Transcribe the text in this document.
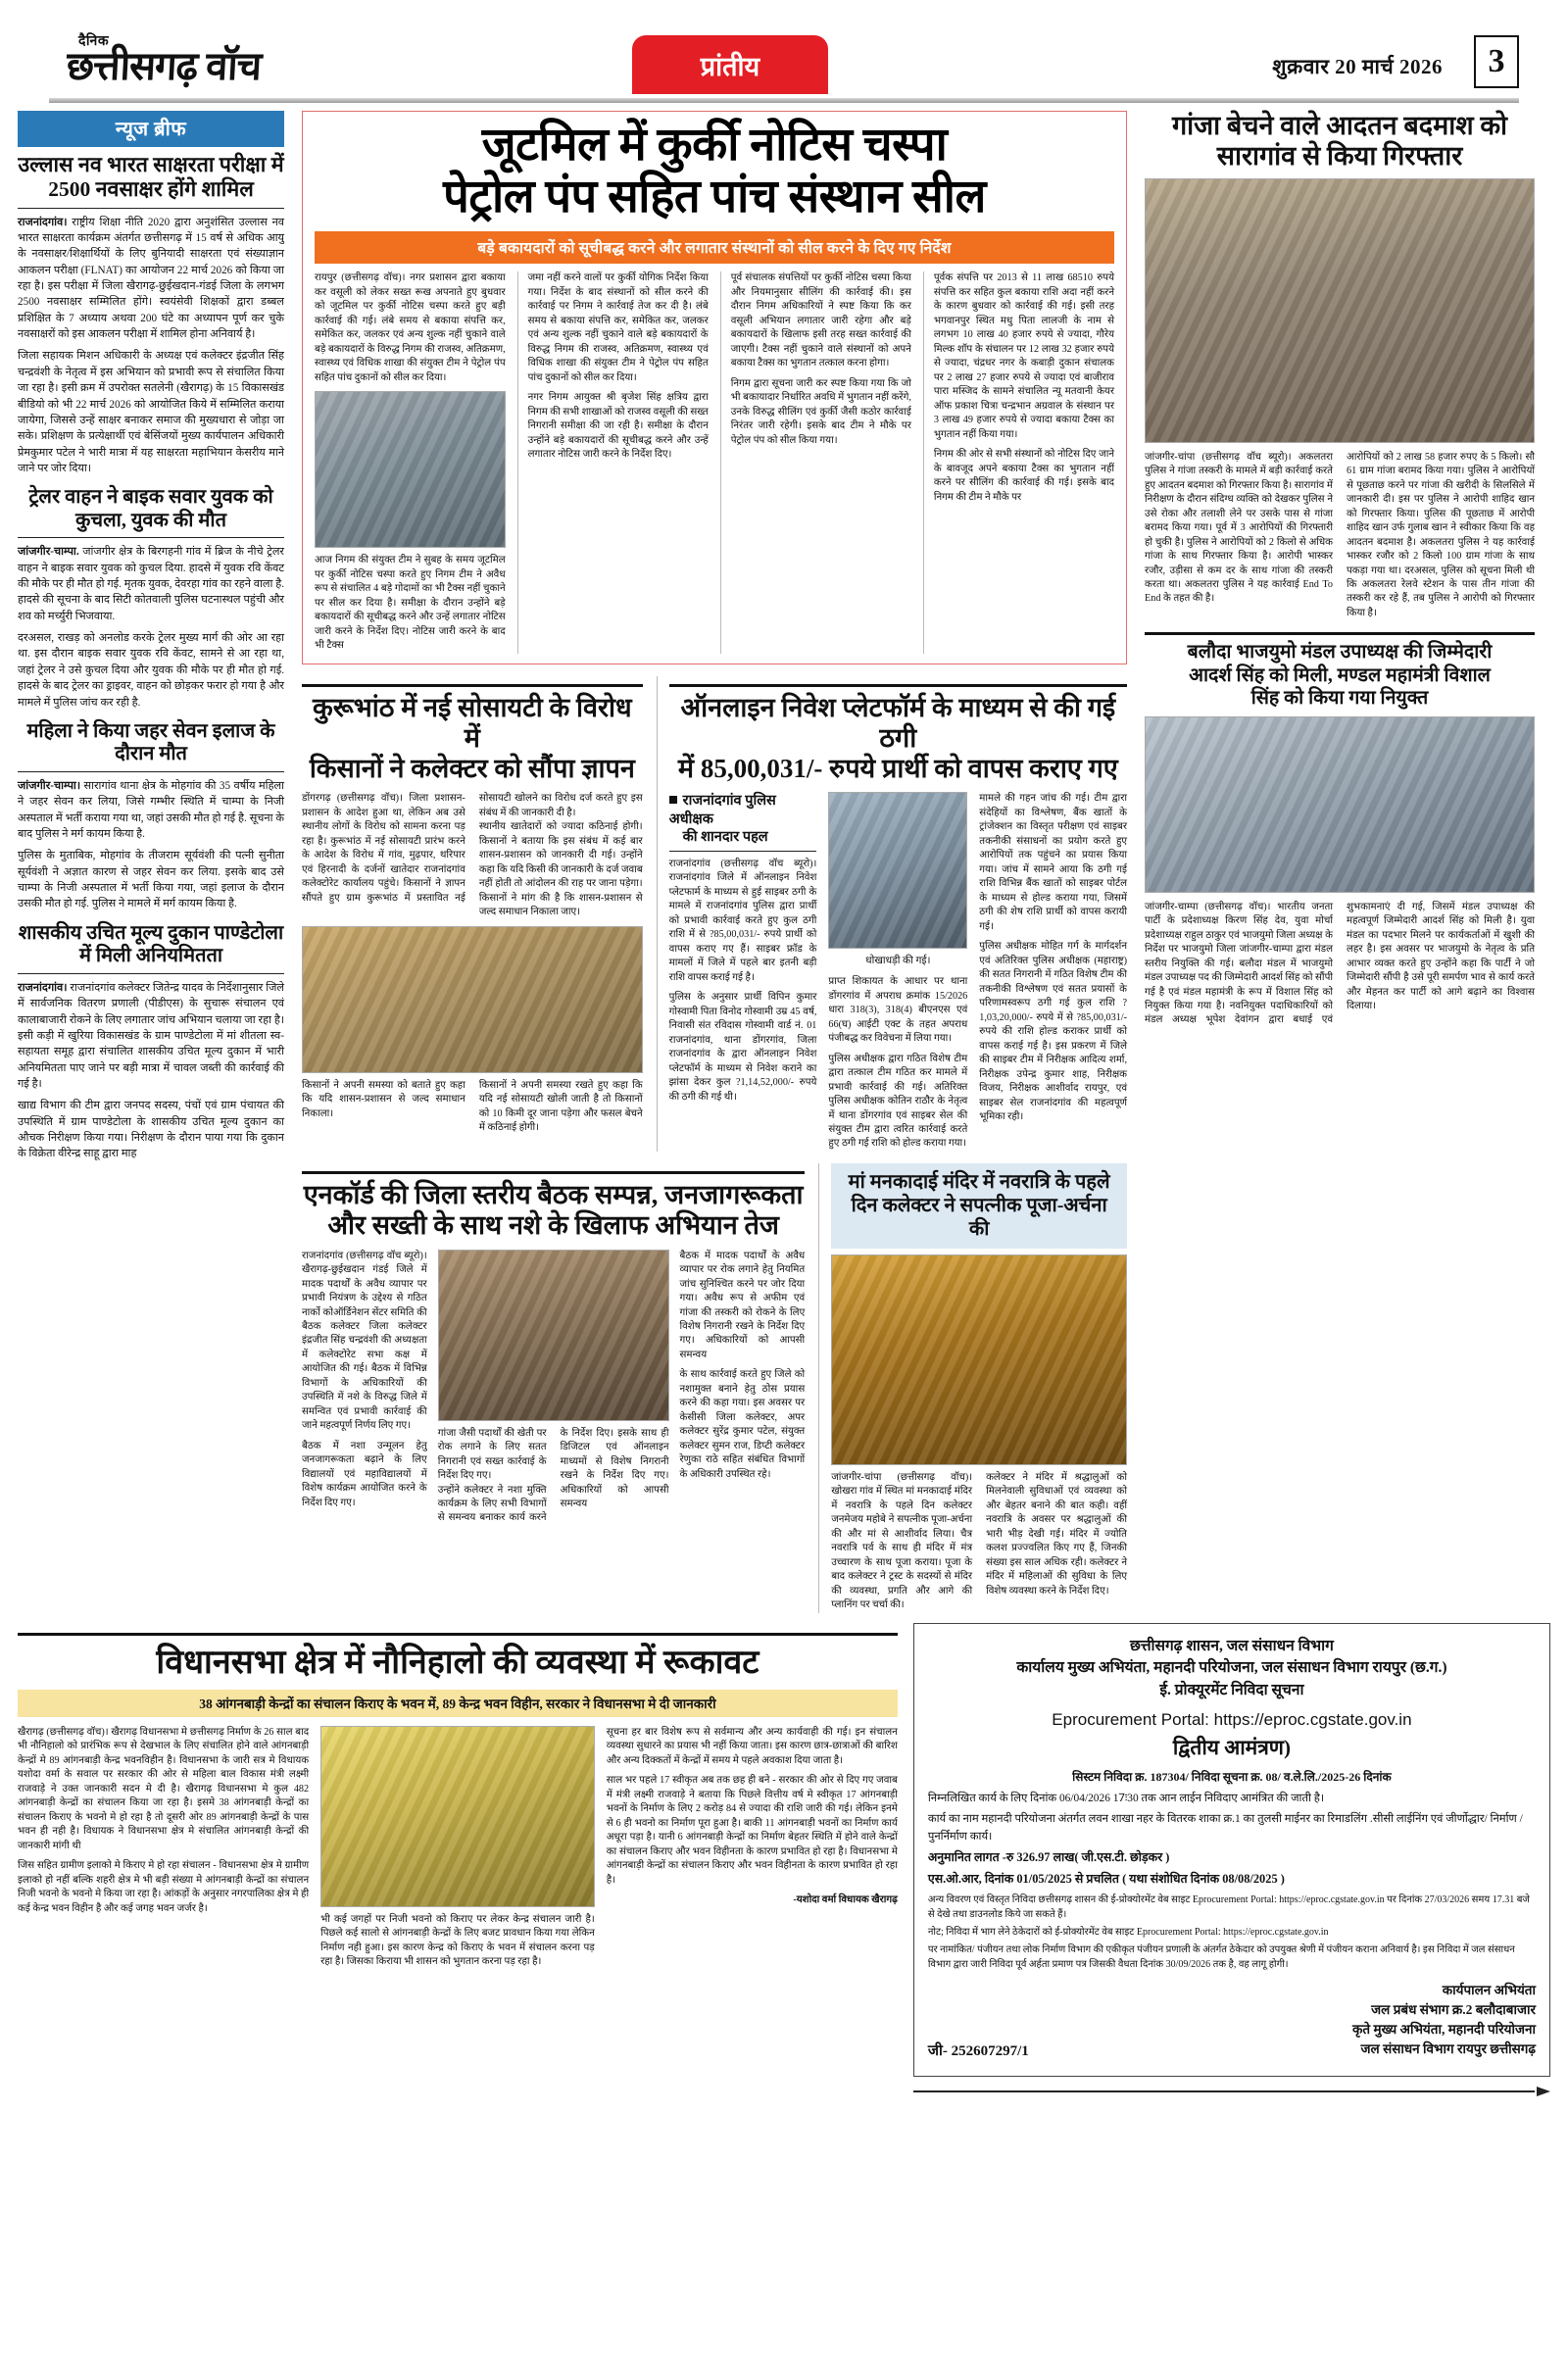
दैनिक
छत्तीसगढ़ वॉच	प्रांतीय	शुक्रवार 20 मार्च 2026	3
न्यूज ब्रीफ
उल्लास नव भारत साक्षरता परीक्षा में 2500 नवसाक्षर होंगे शामिल

राजनांदगांव। राष्ट्रीय शिक्षा नीति 2020 द्वारा अनुशंसित उल्लास नव भारत साक्षरता कार्यक्रम अंतर्गत छत्तीसगढ़ में 15 वर्ष से अधिक आयु के नवसाक्षर/शिक्षार्थियों के लिए बुनियादी साक्षरता एवं संख्याज्ञान आकलन परीक्षा (FLNAT) का आयोजन 22 मार्च 2026 को किया जा रहा है। इस परीक्षा में जिला खैरागढ़-छुईखदान-गंडई जिला के लगभग 2500 नवसाक्षर सम्मिलित होंगे। स्वयंसेवी शिक्षकों द्वारा डब्बल प्रशिक्षित के 7 अध्याय अथवा 200 घंटे का अध्यापन पूर्ण कर चुके नवसाक्षरों को इस आकलन परीक्षा में शामिल होना अनिवार्य है।

जिला सहायक मिशन अधिकारी के अध्यक्ष एवं कलेक्टर इंद्रजीत सिंह चन्द्रवंशी के नेतृत्व में इस अभियान को प्रभावी रूप से संचालित किया जा रहा है। इसी क्रम में उपरोक्त सतलेनी (खैरागढ़) के 15 विकासखंड बीडियो को भी 22 मार्च 2026 को आयोजित किये में सम्मिलित कराया जायेगा, जिससे उन्हें साक्षर बनाकर समाज की मुख्यधारा से जोड़ा जा सके। प्रशिक्षण के प्रत्येक्षार्थी एवं बेसिंजयों मुख्य कार्यपालन अधिकारी प्रेमकुमार पटेल ने भारी मात्रा में यह साक्षरता महाभियान केसरीय माने जाने पर जोर दिया।

ट्रेलर वाहन ने बाइक सवार युवक को कुचला, युवक की मौत

जांजगीर-चाम्पा. जांजगीर क्षेत्र के बिरगहनी गांव में ब्रिज के नीचे ट्रेलर वाहन ने बाइक सवार युवक को कुचल दिया. हादसे में युवक रवि केंवट की मौके पर ही मौत हो गई. मृतक युवक, देवरहा गांव का रहने वाला है. हादसे की सूचना के बाद सिटी कोतवाली पुलिस घटनास्थल पहुंची और शव को मर्च्युरी भिजवाया.

दरअसल, राखड़ को अनलोड करके ट्रेलर मुख्य मार्ग की ओर आ रहा था. इस दौरान बाइक सवार युवक रवि केंवट, सामने से आ रहा था, जहां ट्रेलर ने उसे कुचल दिया और युवक की मौके पर ही मौत हो गई. हादसे के बाद ट्रेलर का ड्राइवर, वाहन को छोड़कर फरार हो गया है और मामले में पुलिस जांच कर रही है.

महिला ने किया जहर सेवन इलाज के दौरान मौत

जांजगीर-चाम्पा। सारागांव थाना क्षेत्र के मोहगांव की 35 वर्षीय महिला ने जहर सेवन कर लिया, जिसे गम्भीर स्थिति में चाम्पा के निजी अस्पताल में भर्ती कराया गया था, जहां उसकी मौत हो गई है. सूचना के बाद पुलिस ने मर्ग कायम किया है.

पुलिस के मुताबिक, मोहगांव के तीजराम सूर्यवंशी की पत्नी सुनीता सूर्यवंशी ने अज्ञात कारण से जहर सेवन कर लिया. इसके बाद उसे चाम्पा के निजी अस्पताल में भर्ती किया गया, जहां इलाज के दौरान उसकी मौत हो गई. पुलिस ने मामले में मर्ग कायम किया है.

शासकीय उचित मूल्य दुकान पाण्डेटोला में मिली अनियमितता

राजनांदगांव। राजनांदगांव कलेक्टर जितेन्द्र यादव के निर्देशानुसार जिले में सार्वजनिक वितरण प्रणाली (पीडीएस) के सुचारू संचालन एवं कालाबाजारी रोकने के लिए लगातार जांच अभियान चलाया जा रहा है। इसी कड़ी में खुरिया विकासखंड के ग्राम पाण्डेटोला में मां शीतला स्व-सहायता समूह द्वारा संचालित शासकीय उचित मूल्य दुकान में भारी अनियमितता पाए जाने पर बड़ी मात्रा में चावल जब्ती की कार्रवाई की गई है।

खाद्य विभाग की टीम द्वारा जनपद सदस्य, पंचों एवं ग्राम पंचायत की उपस्थिति में ग्राम पाण्डेटोला के शासकीय उचित मूल्य दुकान का औचक निरीक्षण किया गया। निरीक्षण के दौरान पाया गया कि दुकान के विक्रेता वीरेन्द्र साहू द्वारा माह

जूटमिल में कुर्की नोटिस चस्पा
पेट्रोल पंप सहित पांच संस्थान सील
बड़े बकायदारों को सूचीबद्ध करने और लगातार संस्थानों को सील करने के दिए गए निर्देश

रायपुर (छत्तीसगढ़ वॉच)। नगर प्रशासन द्वारा बकाया कर वसूली को लेकर सख्त रूख अपनाते हुए बुधवार को जूटमिल पर कुर्की नोटिस चस्पा करते हुए बड़ी कार्रवाई की गई। लंबे समय से बकाया संपत्ति कर, समेकित कर, जलकर एवं अन्य शुल्क नहीं चुकाने वाले बड़े बकायदारों के विरुद्ध निगम की राजस्व, अतिक्रमण, स्वास्थ्य एवं विधिक शाखा की संयुक्त टीम ने पेट्रोल पंप सहित पांच दुकानों को सील कर दिया।

आज निगम की संयुक्त टीम ने सुबह के समय जूटमिल पर कुर्की नोटिस चस्पा करते हुए निगम टीम ने अवैध रूप से संचालित 4 बड़े गोदामों का भी टैक्स नहीं चुकाने पर सील कर दिया है। समीक्षा के दौरान उन्होंने बड़े बकायदारों की सूचीबद्ध करने और उन्हें लगातार नोटिस जारी करने के निर्देश दिए। नोटिस जारी करने के बाद भी टैक्स

जमा नहीं करने वालों पर कुर्की योगिक निर्देश किया गया। निर्देश के बाद संस्थानों को सील करने की कार्रवाई पर निगम ने कार्रवाई तेज कर दी है। लंबे समय से बकाया संपत्ति कर, समेकित कर, जलकर एवं अन्य शुल्क नहीं चुकाने वाले बड़े बकायदारों के विरुद्ध निगम की राजस्व, अतिक्रमण, स्वास्थ्य एवं विधिक शाखा की संयुक्त टीम ने पेट्रोल पंप सहित पांच दुकानों को सील कर दिया।

नगर निगम आयुक्त श्री बृजेश सिंह क्षत्रिय द्वारा निगम की सभी शाखाओं को राजस्व वसूली की सख्त निगरानी समीक्षा की जा रही है। समीक्षा के दौरान उन्होंने बड़े बकायदारों की सूचीबद्ध करने और उन्हें लगातार नोटिस जारी करने के निर्देश दिए।

पूर्व संचालक संपत्तियों पर कुर्की नोटिस चस्पा किया और नियमानुसार सीलिंग की कार्रवाई की। इस दौरान निगम अधिकारियों ने स्पष्ट किया कि कर वसूली अभियान लगातार जारी रहेगा और बड़े बकायदारों के खिलाफ इसी तरह सख्त कार्रवाई की जाएगी। टैक्स नहीं चुकाने वाले संस्थानों को अपने बकाया टैक्स का भुगतान तत्काल करना होगा।

निगम द्वारा सूचना जारी कर स्पष्ट किया गया कि जो भी बकायादार निर्धारित अवधि में भुगतान नहीं करेंगे, उनके विरुद्ध सीलिंग एवं कुर्की जैसी कठोर कार्रवाई निरंतर जारी रहेगी। इसके बाद टीम ने मौके पर पेट्रोल पंप को सील किया गया।

पूर्वक संपत्ति पर 2013 से 11 लाख 68510 रुपये संपत्ति कर सहित कुल बकाया राशि अदा नहीं करने के कारण बुधवार को कार्रवाई की गई। इसी तरह भगवानपुर स्थित मधु पिता लालजी के नाम से लगभग 10 लाख 40 हजार रुपये से ज्यादा, गौरेय मिल्क शॉप के संचालन पर 12 लाख 32 हजार रुपये से ज्यादा, चंद्रधर नगर के कबाड़ी दुकान संचालक पर 2 लाख 27 हजार रुपये से ज्यादा एवं बाजीराव पारा मस्जिद के सामने संचालित न्यू मतवानी केयर ऑफ प्रकाश चित्रा चन्द्रभान अग्रवाल के संस्थान पर 3 लाख 49 हजार रुपये से ज्यादा बकाया टैक्स का भुगतान नहीं किया गया।

निगम की ओर से सभी संस्थानों को नोटिस दिए जाने के बावजूद अपने बकाया टैक्स का भुगतान नहीं करने पर सीलिंग की कार्रवाई की गई। इसके बाद निगम की टीम ने मौके पर

कुरूभांठ में नई सोसायटी के विरोध में
किसानों ने कलेक्टर को सौंपा ज्ञापन

डोंगरगढ़ (छत्तीसगढ़ वॉच)। जिला प्रशासन-प्रशासन के आदेश हुआ था, लेकिन अब उसे स्थानीय लोगों के विरोध को सामना करना पड़ रहा है। कुरूभांठ में नई सोसायटी प्रारंभ करने के आदेश के विरोध में गांव, मुढ़पार, थरिपार एवं हिरनादी के दर्जनों खातेदार राजनांदगांव कलेक्टोरेट कार्यालय पहुंचे। किसानों ने ज्ञापन सौंपते हुए ग्राम कुरूभांठ में प्रस्तावित नई सोसायटी खोलने का विरोध दर्ज करते हुए इस संबंध में की जानकारी दी है।

स्थानीय खातेदारों को ज्यादा कठिनाई होगी। किसानों ने बताया कि इस संबंध में कई बार शासन-प्रशासन को जानकारी दी गई। उन्होंने कहा कि यदि किसी की जानकारी के दर्ज जवाब नहीं होती तो आंदोलन की राह पर जाना पड़ेगा। किसानों ने मांग की है कि शासन-प्रशासन से जल्द समाधान निकाला जाए।

किसानों ने अपनी समस्या को बताते हुए कहा कि यदि शासन-प्रशासन से जल्द समाधान निकाला।

किसानों ने अपनी समस्या रखते हुए कहा कि यदि नई सोसायटी खोली जाती है तो किसानों को 10 किमी दूर जाना पड़ेगा और फसल बेचने में कठिनाई होगी।

ऑनलाइन निवेश प्लेटफॉर्म के माध्यम से की गई ठगी
में 85,00,031/- रुपये प्रार्थी को वापस कराए गए
राजनांदगांव पुलिस अधीक्षक
की शानदार पहल

राजनांदगांव (छत्तीसगढ़ वॉच ब्यूरो)। राजनांदगांव जिले में ऑनलाइन निवेश प्लेटफार्म के माध्यम से हुई साइबर ठगी के मामले में राजनांदगांव पुलिस द्वारा प्रार्थी को प्रभावी कार्रवाई करते हुए कुल ठगी राशि में से ?85,00,031/- रुपये प्रार्थी को वापस कराए गए हैं। साइबर फ्रॉड के मामलों में जिले में पहले बार इतनी बड़ी राशि वापस कराई गई है।

पुलिस के अनुसार प्रार्थी विपिन कुमार गोस्वामी पिता विनोद गोस्वामी उम्र 45 वर्ष, निवासी संत रविदास गोस्वामी वार्ड नं. 01 राजनांदगांव, थाना डोंगरगांव, जिला राजनांदगांव के द्वारा ऑनलाइन निवेश प्लेटफॉर्म के माध्यम से निवेश कराने का झांसा देकर कुल ?1,14,52,000/- रुपये की ठगी की गई थी।

धोखाधड़ी की गई।

प्राप्त शिकायत के आधार पर थाना डोंगरगांव में अपराध क्रमांक 15/2026 धारा 318(3), 318(4) बीएनएस एवं 66(घ) आईटी एक्ट के तहत अपराध पंजीबद्ध कर विवेचना में लिया गया।

पुलिस अधीक्षक द्वारा गठित विशेष टीम द्वारा तत्काल टीम गठित कर मामले में प्रभावी कार्रवाई की गई। अतिरिक्त पुलिस अधीक्षक कोतिन राठौर के नेतृत्व में थाना डोंगरगांव एवं साइबर सेल की संयुक्त टीम द्वारा त्वरित कार्रवाई करते हुए ठगी गई राशि को होल्ड कराया गया।

मामले की गहन जांच की गई। टीम द्वारा संदेहियों का विश्लेषण, बैंक खातों के ट्रांजेक्शन का विस्तृत परीक्षण एवं साइबर तकनीकी संसाधनों का प्रयोग करते हुए आरोपियों तक पहुंचने का प्रयास किया गया। जांच में सामने आया कि ठगी गई राशि विभिन्न बैंक खातों को साइबर पोर्टल के माध्यम से होल्ड कराया गया, जिसमें ठगी की शेष राशि प्रार्थी को वापस करायी गई।

पुलिस अधीक्षक मोहित गर्ग के मार्गदर्शन एवं अतिरिक्त पुलिस अधीक्षक (महाराष्ट्र) की सतत निगरानी में गठित विशेष टीम की तकनीकी विश्लेषण एवं सतत प्रयासों के परिणामस्वरूप ठगी गई कुल राशि ?1,03,20,000/- रुपये में से ?85,00,031/- रुपये की राशि होल्ड कराकर प्रार्थी को वापस कराई गई है। इस प्रकरण में जिले की साइबर टीम में निरीक्षक आदित्य शर्मा, निरीक्षक उपेन्द्र कुमार शाह, निरीक्षक विजय, निरीक्षक आशीर्वाद रायपुर, एवं साइबर सेल राजनांदगांव की महत्वपूर्ण भूमिका रही।

एनकॉर्ड की जिला स्तरीय बैठक सम्पन्न, जनजागरूकता
और सख्ती के साथ नशे के खिलाफ अभियान तेज

राजनांदगांव (छत्तीसगढ़ वॉच ब्यूरो)। खैरागढ़-छुईखदान गंडई जिले में मादक पदार्थों के अवैध व्यापार पर प्रभावी नियंत्रण के उद्देश्य से गठित नार्को कोऑर्डिनेशन सेंटर समिति की बैठक कलेक्टर जिला कलेक्टर इंद्रजीत सिंह चन्द्रवंशी की अध्यक्षता में कलेक्टोरेट सभा कक्ष में आयोजित की गई। बैठक में विभिन्न विभागों के अधिकारियों की उपस्थिति में नशे के विरुद्ध जिले में समन्वित एवं प्रभावी कार्रवाई की जाने महत्वपूर्ण निर्णय लिए गए।

बैठक में नशा उन्मूलन हेतु जनजागरूकता बढ़ाने के लिए विद्यालयों एवं महाविद्यालयों में विशेष कार्यक्रम आयोजित करने के निर्देश दिए गए।

गांजा जैसी पदार्थों की खेती पर रोक लगाने के लिए सतत निगरानी एवं सख्त कार्रवाई के निर्देश दिए गए।

उन्होंने कलेक्टर ने नशा मुक्ति कार्यक्रम के लिए सभी विभागों से समन्वय बनाकर कार्य करने के निर्देश दिए। इसके साथ ही डिजिटल एवं ऑनलाइन माध्यमों से विशेष निगरानी रखने के निर्देश दिए गए। अधिकारियों को आपसी समन्वय

बैठक में मादक पदार्थों के अवैध व्यापार पर रोक लगाने हेतु नियमित जांच सुनिश्चित करने पर जोर दिया गया। अवैध रूप से अफीम एवं गांजा की तस्करी को रोकने के लिए विशेष निगरानी रखने के निर्देश दिए गए। अधिकारियों को आपसी समन्वय

के साथ कार्रवाई करते हुए जिले को नशामुक्त बनाने हेतु ठोस प्रयास करने की कहा गया। इस अवसर पर केसीसी जिला कलेक्टर, अपर कलेक्टर सुरेंद्र कुमार पटेल, संयुक्त कलेक्टर सुमन राज, डिप्टी कलेक्टर रेणुका राठे सहित संबंधित विभागों के अधिकारी उपस्थित रहे।

मां मनकादाई मंदिर में नवरात्रि के पहले
दिन कलेक्टर ने सपत्नीक पूजा-अर्चना की

जांजगीर-चांपा (छत्तीसगढ़ वॉच)। खोखरा गांव में स्थित मां मनकादाई मंदिर में नवरात्रि के पहले दिन कलेक्टर जनमेजय महोबे ने सपत्नीक पूजा-अर्चना की और मां से आशीर्वाद लिया। चैत्र नवरात्रि पर्व के साथ ही मंदिर में मंत्र उच्चारण के साथ पूजा कराया। पूजा के बाद कलेक्टर ने ट्रस्ट के सदस्यों से मंदिर की व्यवस्था, प्रगति और आगे की प्लानिंग पर चर्चा की।

कलेक्टर ने मंदिर में श्रद्धालुओं को मिलनेवाली सुविधाओं एवं व्यवस्था को और बेहतर बनाने की बात कही। वहीं नवरात्रि के अवसर पर श्रद्धालुओं की भारी भीड़ देखी गई। मंदिर में ज्योति कलश प्रज्ज्वलित किए गए हैं, जिनकी संख्या इस साल अधिक रही। कलेक्टर ने मंदिर में महिलाओं की सुविधा के लिए विशेष व्यवस्था करने के निर्देश दिए।

गांजा बेचने वाले आदतन बदमाश को सारागांव से किया गिरफ्तार

जांजगीर-चांपा (छत्तीसगढ़ वॉच ब्यूरो)। अकलतरा पुलिस ने गांजा तस्करी के मामले में बड़ी कार्रवाई करते हुए आदतन बदमाश को गिरफ्तार किया है। सारागांव में निरीक्षण के दौरान संदिग्ध व्यक्ति को देखकर पुलिस ने उसे रोका और तलाशी लेने पर उसके पास से गांजा बरामद किया गया। पूर्व में 3 आरोपियों की गिरफ्तारी हो चुकी है। पुलिस ने आरोपियों को 2 किलो से अधिक गांजा के साथ गिरफ्तार किया है। आरोपी भास्कर रजौर, उड़ीसा से कम दर के साथ गांजा की तस्करी करता था। अकलतरा पुलिस ने यह कार्रवाई End To End के तहत की है।

आरोपियों को 2 लाख 58 हजार रुपए के 5 किलो। सौ 61 ग्राम गांजा बरामद किया गया। पुलिस ने आरोपियों से पूछताछ करने पर गांजा की खरीदी के सिलसिले में जानकारी दी। इस पर पुलिस ने आरोपी शाहिद खान को गिरफ्तार किया। पुलिस की पूछताछ में आरोपी शाहिद खान उर्फ गुलाब खान ने स्वीकार किया कि वह आदतन बदमाश है। अकलतरा पुलिस ने यह कार्रवाई भास्कर रजौर को 2 किलो 100 ग्राम गांजा के साथ पकड़ा गया था। दरअसल, पुलिस को सूचना मिली थी कि अकलतरा रेलवे स्टेशन के पास तीन गांजा की तस्करी कर रहे हैं, तब पुलिस ने आरोपी को गिरफ्तार किया है।

बलौदा भाजयुमो मंडल उपाध्यक्ष की जिम्मेदारी
आदर्श सिंह को मिली, मण्डल महामंत्री विशाल
सिंह को किया गया नियुक्त

जांजगीर-चाम्पा (छत्तीसगढ़ वॉच)। भारतीय जनता पार्टी के प्रदेशाध्यक्ष किरण सिंह देव, युवा मोर्चा प्रदेशाध्यक्ष राहुल ठाकुर एवं भाजयुमो जिला अध्यक्ष के निर्देश पर भाजयुमो जिला जांजगीर-चाम्पा द्वारा मंडल स्तरीय नियुक्ति की गई। बलौदा मंडल में भाजयुमो मंडल उपाध्यक्ष पद की जिम्मेदारी आदर्श सिंह को सौंपी गई है एवं मंडल महामंत्री के रूप में विशाल सिंह को नियुक्त किया गया है। नवनियुक्त पदाधिकारियों को मंडल अध्यक्ष भूपेश देवांगन द्वारा बधाई एवं शुभकामनाएं दी गई, जिसमें मंडल उपाध्यक्ष की महत्वपूर्ण जिम्मेदारी आदर्श सिंह को मिली है। युवा मंडल का पदभार मिलने पर कार्यकर्ताओं में खुशी की लहर है। इस अवसर पर भाजयुमो के नेतृत्व के प्रति आभार व्यक्त करते हुए उन्होंने कहा कि पार्टी ने जो जिम्मेदारी सौंपी है उसे पूरी समर्पण भाव से कार्य करते और मेहनत कर पार्टी को आगे बढ़ाने का विश्वास दिलाया।

विधानसभा क्षेत्र में नौनिहालो की व्यवस्था में रूकावट
38 आंगनबाड़ी केन्द्रों का संचालन किराए के भवन में, 89 केन्द्र भवन विहीन, सरकार ने विधानसभा मे दी जानकारी

खैरागढ़ (छत्तीसगढ़ वॉच)। खैरागढ़ विधानसभा मे छत्तीसगढ़ निर्माण के 26 साल बाद भी नौनिहालो को प्रारंभिक रूप से देखभाल के लिए संचालित होने वाले आंगनबाड़ी केन्द्रों मे 89 आंगनबाड़ी केन्द्र भवनविहीन है। विधानसभा के जारी सत्र मे विधायक यशोदा वर्मा के सवाल पर सरकार की ओर से महिला बाल विकास मंत्री लक्ष्मी राजवाड़े ने उक्त जानकारी सदन मे दी है। खैरागढ़ विधानसभा मे कुल 482 आंगनबाड़ी केन्द्रों का संचालन किया जा रहा है। इसमे 38 आंगनबाड़ी केन्द्रों का संचालन किराए के भवनो मे हो रहा है तो दूसरी ओर 89 आंगनबाड़ी केन्द्रों के पास भवन ही नही है। विधायक ने विधानसभा क्षेत्र मे संचालित आंगनबाड़ी केन्द्रों की जानकारी मांगी थी

जिस सहित ग्रामीण इलाको मे किराए मे हो रहा संचालन - विधानसभा क्षेत्र मे ग्रामीण इलाको हो नहीं बल्कि शहरी क्षेत्र मे भी बड़ी संख्या मे आंगनबाड़ी केन्द्रों का संचालन निजी भवनो के भवनो मे किया जा रहा है। आंकड़ों के अनुसार नगरपालिका क्षेत्र मे ही कई केन्द्र भवन विहीन है और कई जगह भवन जर्जर है।

भी कई जगहों पर निजी भवनो को किराए पर लेकर केन्द्र संचालन जारी है। पिछले कई सालो से आंगनबाड़ी केन्द्रों के लिए बजट प्रावधान किया गया लेकिन निर्माण नही हुआ। इस कारण केन्द्र को किराए के भवन में संचालन करना पड़ रहा है। जिसका किराया भी शासन को भुगतान करना पड़ रहा है।

सूचना हर बार विशेष रूप से सर्वमान्य और अन्य कार्यवाही की गई। इन संचालन व्यवस्था सुधारने का प्रयास भी नहीं किया जाता। इस कारण छात्र-छात्राओं की बारिश और अन्य दिक्कतों में केन्द्रों में समय मे पहले अवकाश दिया जाता है।

साल भर पहले 17 स्वीकृत अब तक छह ही बने - सरकार की ओर से दिए गए जवाब में मंत्री लक्ष्मी राजवाड़े ने बताया कि पिछले वित्तीय वर्ष मे स्वीकृत 17 आंगनबाड़ी भवनों के निर्माण के लिए 2 करोड़ 84 से ज्यादा की राशि जारी की गई। लेकिन इनमे से 6 ही भवनो का निर्माण पूरा हुआ है। बाकी 11 आंगनबाड़ी भवनों का निर्माण कार्य अधूरा पड़ा है। यानी 6 आंगनबाड़ी केन्द्रों का निर्माण बेहतर स्थिति में होने वाले केन्द्रों का संचालन किराए और भवन विहीनता के कारण प्रभावित हो रहा है। विधानसभा मे आंगनबाड़ी केन्द्रों का संचालन किराए और भवन विहीनता के कारण प्रभावित हो रहा है।

-यशोदा वर्मा विधायक खैरागढ़

छत्तीसगढ़ शासन, जल संसाधन विभाग
कार्यालय मुख्य अभियंता, महानदी परियोजना, जल संसाधन विभाग रायपुर (छ.ग.)
ई. प्रोक्यूरमेंट निविदा सूचना
Eprocurement Portal: https://eproc.cgstate.gov.in
द्वितीय आमंत्रण)
सिस्टम निविदा क्र. 187304/ निविदा सूचना क्र. 08/ व.ले.लि./2025-26 दिनांक
निम्नलिखित कार्य के लिए दिनांक 06/04/2026 17ः30 तक आन लाईन निविदाए आमंत्रित की जाती है।
कार्य का नाम महानदी परियोजना अंतर्गत लवन शाखा नहर के वितरक शाका क्र.1 का तुलसी माईनर का रिमाडलिंग .सीसी लाईनिंग एवं जीर्णोद्धार/ निर्माण / पुनर्निर्माण कार्य।
अनुमानित लागत -रु 326.97 लाख( जी.एस.टी. छोड़कर )
एस.ओ.आर, दिनांक 01/05/2025 से प्रचलित ( यथा संशोधित दिनांक 08/08/2025 )
अन्य विवरण एवं विस्तृत निविदा छत्तीसगढ़ शासन की ई-प्रोक्योरमेंट वेब साइट Eprocurement Portal: https://eproc.cgstate.gov.in पर दिनांक 27/03/2026 समय 17.31 बजे से देखे तथा डाउनलोड किये जा सकते हैं।
नोट; निविदा में भाग लेने ठेकेदारों को ई-प्रोक्योरमेंट वेब साइट Eprocurement Portal: https://eproc.cgstate.gov.in
पर नामांकित/ पंजीयन तथा लोक निर्माण विभाग की एकीकृत पंजीयन प्रणाली के अंतर्गत ठेकेदार को उपयुक्त श्रेणी में पंजीयन कराना अनिवार्य है। इस निविदा में जल संसाधन विभाग द्वारा जारी निविदा पूर्व अर्हता प्रमाण पत्र जिसकी वैधता दिनांक 30/09/2026 तक है, वह लागू होगी।
जी- 252607297/1
कार्यपालन अभियंता
जल प्रबंध संभाग क्र.2 बलौदाबाजार
कृते मुख्य अभियंता, महानदी परियोजना
जल संसाधन विभाग रायपुर छत्तीसगढ़
